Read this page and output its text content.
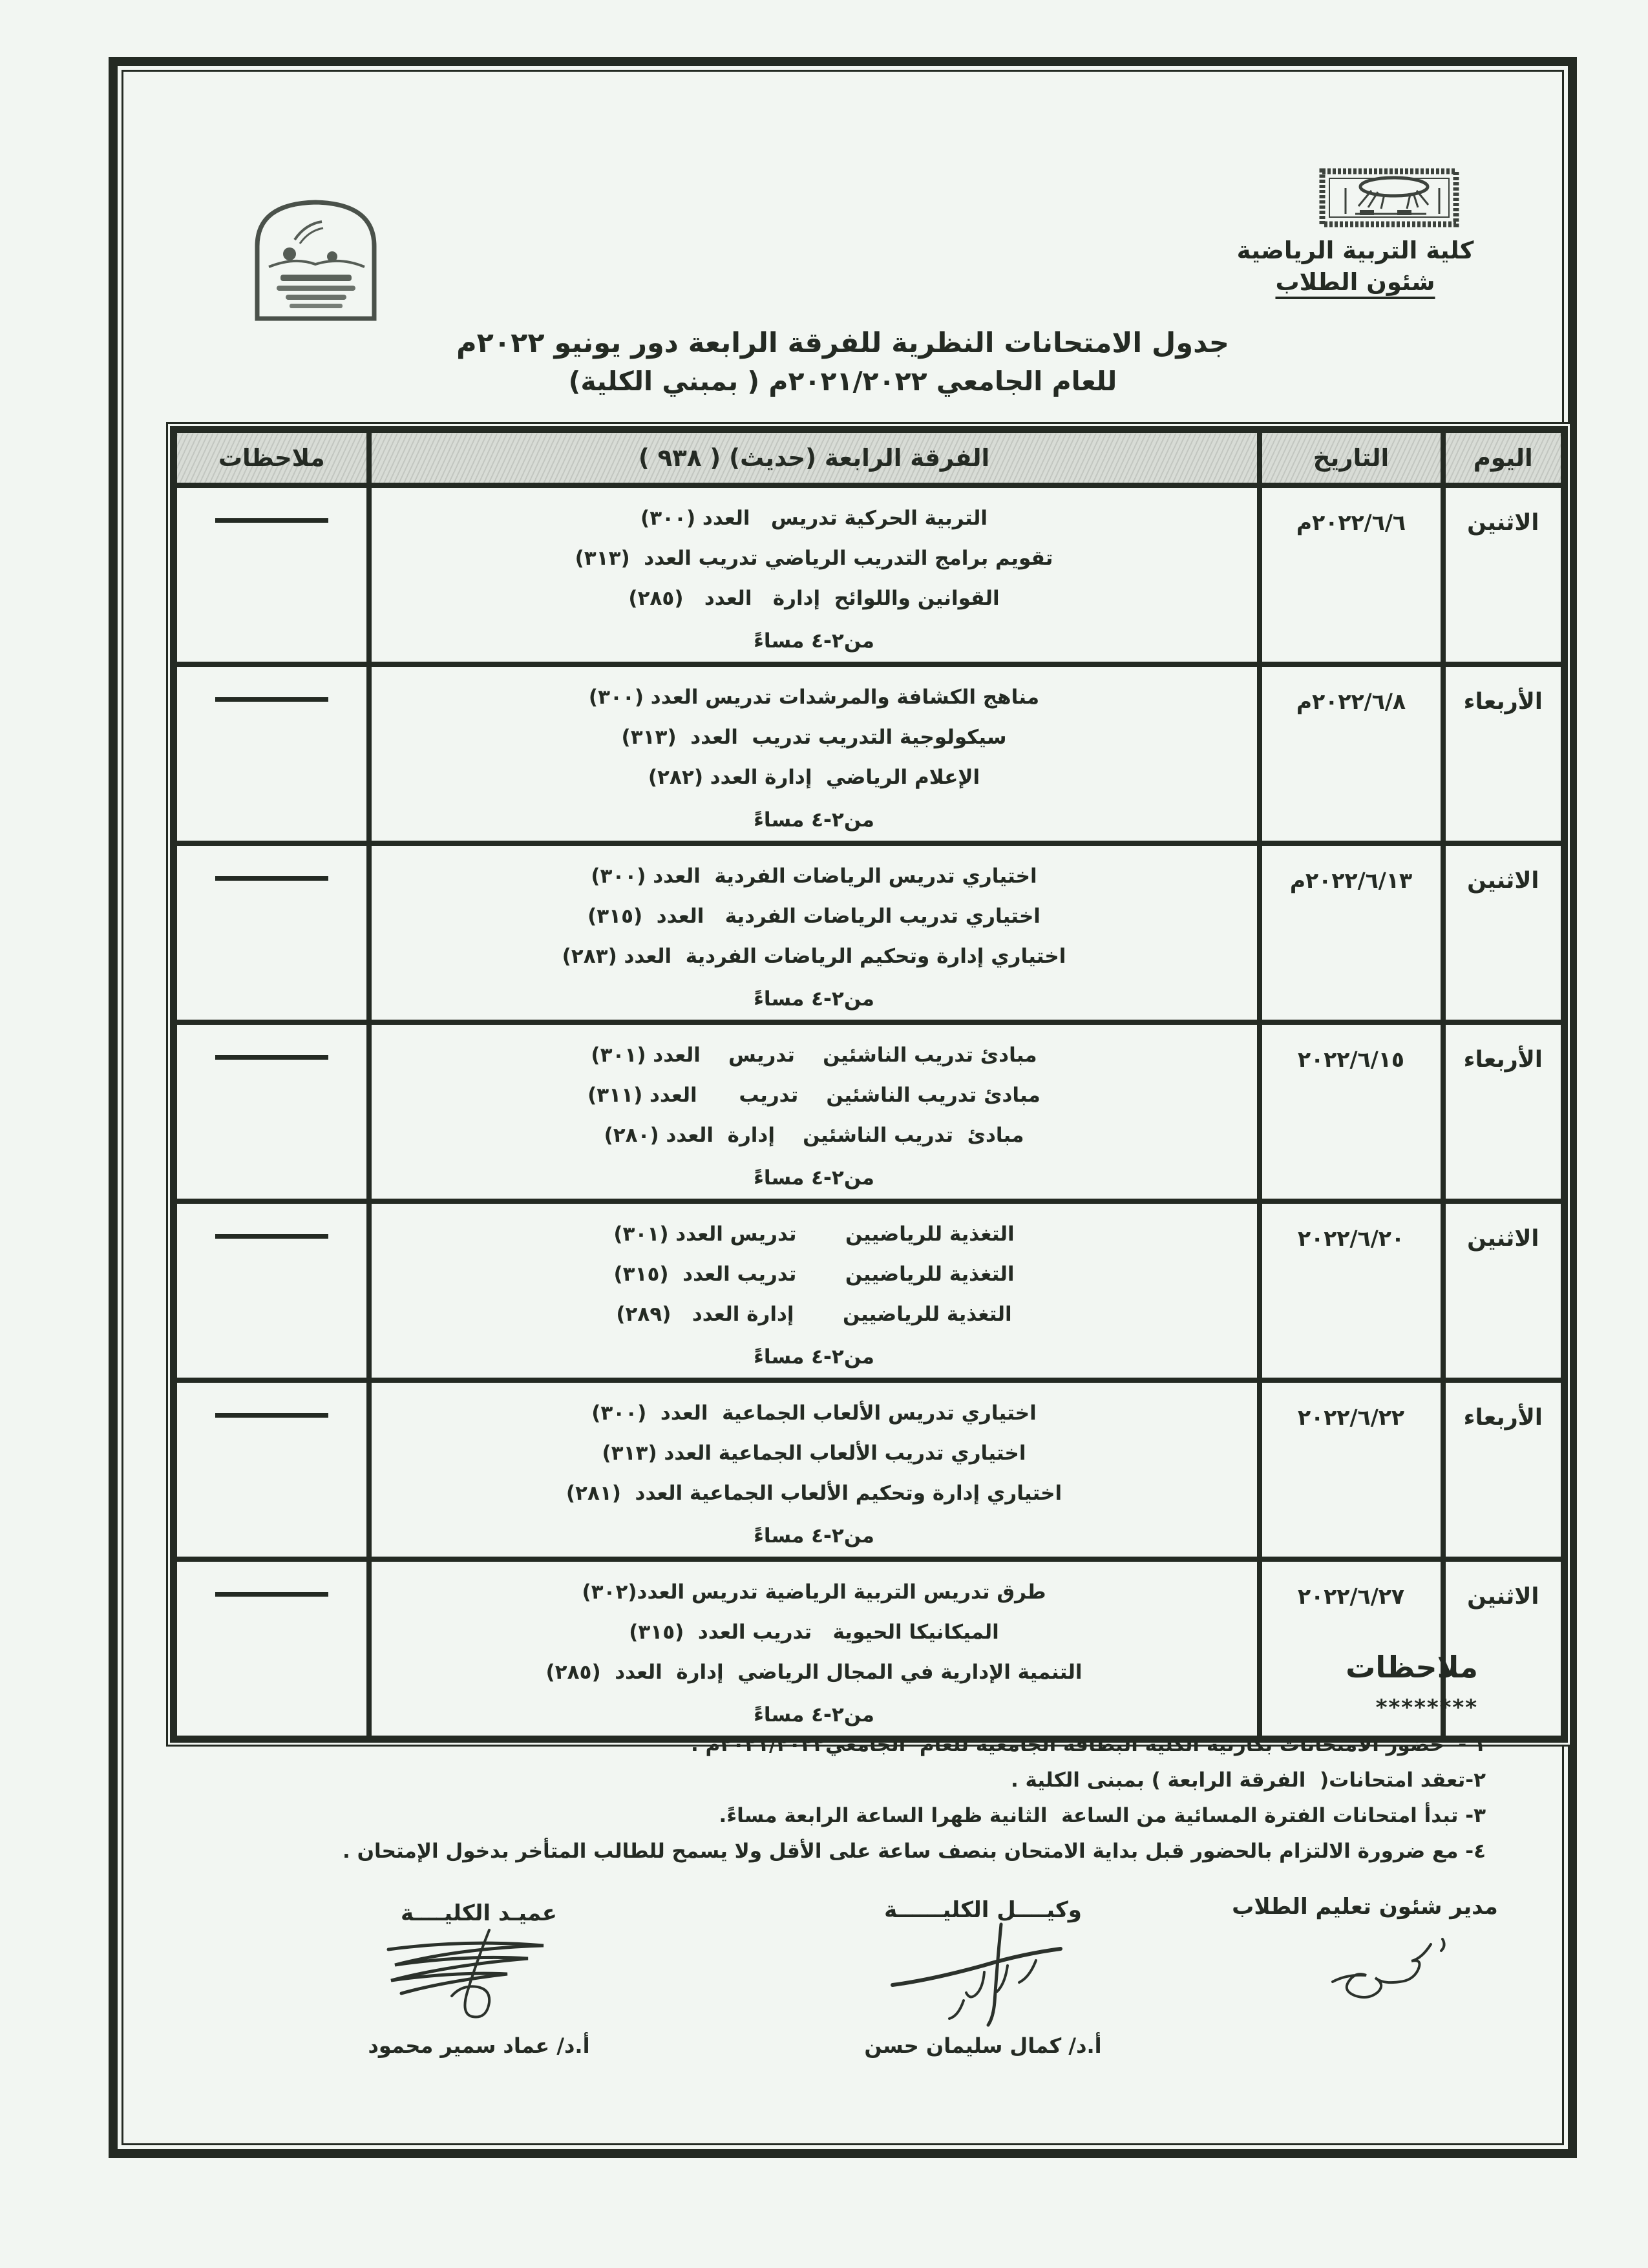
كلية التربية الرياضية
شئون الطلاب
جدول الامتحانات النظرية للفرقة الرابعة دور يونيو ٢٠٢٢م
للعام الجامعي ٢٠٢١/٢٠٢٢م ( بمبني الكلية)
اليوم	التاريخ	الفرقة الرابعة (حديث) ( ٩٣٨ )	ملاحظات
الاثنين	٢٠٢٢/٦/٦م	التربية الحركية تدريس   العدد (٣٠٠)
تقويم برامج التدريب الرياضي تدريب العدد  (٣١٣)
القوانين واللوائح  إدارة   العدد   (٢٨٥)
من٢-٤ مساءً	

الأربعاء	٢٠٢٢/٦/٨م	مناهج الكشافة والمرشدات تدريس العدد (٣٠٠)
سيكولوجية التدريب تدريب  العدد  (٣١٣)
الإعلام الرياضي  إدارة العدد (٢٨٢)
من٢-٤ مساءً	

الاثنين	٢٠٢٢/٦/١٣م	اختياري تدريس الرياضات الفردية  العدد (٣٠٠)
اختياري تدريب الرياضات الفردية   العدد  (٣١٥)
اختياري إدارة وتحكيم الرياضات الفردية  العدد (٢٨٣)
من٢-٤ مساءً	

الأربعاء	٢٠٢٢/٦/١٥	مبادئ تدريب الناشئين    تدريس    العدد (٣٠١)
مبادئ تدريب الناشئين    تدريب      العدد (٣١١)
مبادئ  تدريب الناشئين    إدارة  العدد (٢٨٠)
من٢-٤ مساءً	

الاثنين	٢٠٢٢/٦/٢٠	التغذية للرياضيين       تدريس العدد (٣٠١)
التغذية للرياضيين       تدريب العدد  (٣١٥)
التغذية للرياضيين       إدارة العدد   (٢٨٩)
من٢-٤ مساءً	

الأربعاء	٢٠٢٢/٦/٢٢	اختياري تدريس الألعاب الجماعية  العدد  (٣٠٠)
اختياري تدريب الألعاب الجماعية العدد (٣١٣)
اختياري إدارة وتحكيم الألعاب الجماعية العدد  (٢٨١)
من٢-٤ مساءً	

الاثنين	٢٠٢٢/٦/٢٧	طرق تدريس التربية الرياضية تدريس العدد(٣٠٢)
الميكانيكا الحيوية   تدريب العدد  (٣١٥)
التنمية الإدارية في المجال الرياضي  إدارة  العدد  (٢٨٥)
من٢-٤ مساءً	

ملاحظات
********
١ -  حضور الامتحانات بكارنيه الكلية البطاقة الجامعية للعام  الجامعي٢٠٢١/٢٠٢٢م .
٢-تعقد امتحانات(  الفرقة الرابعة ) بمبنى الكلية .
٣- تبدأ امتحانات الفترة المسائية من الساعة  الثانية ظهرا الساعة الرابعة مساءً.
٤- مع ضرورة الالتزام بالحضور قبل بداية الامتحان بنصف ساعة على الأقل ولا يسمح للطالب المتأخر بدخول الإمتحان .
مدير شئون تعليم الطلاب
وكيــــل الكليــــــة
أ.د/ كمال سليمان حسن
عميـد الكليــــة
أ.د/ عماد سمير محمود
